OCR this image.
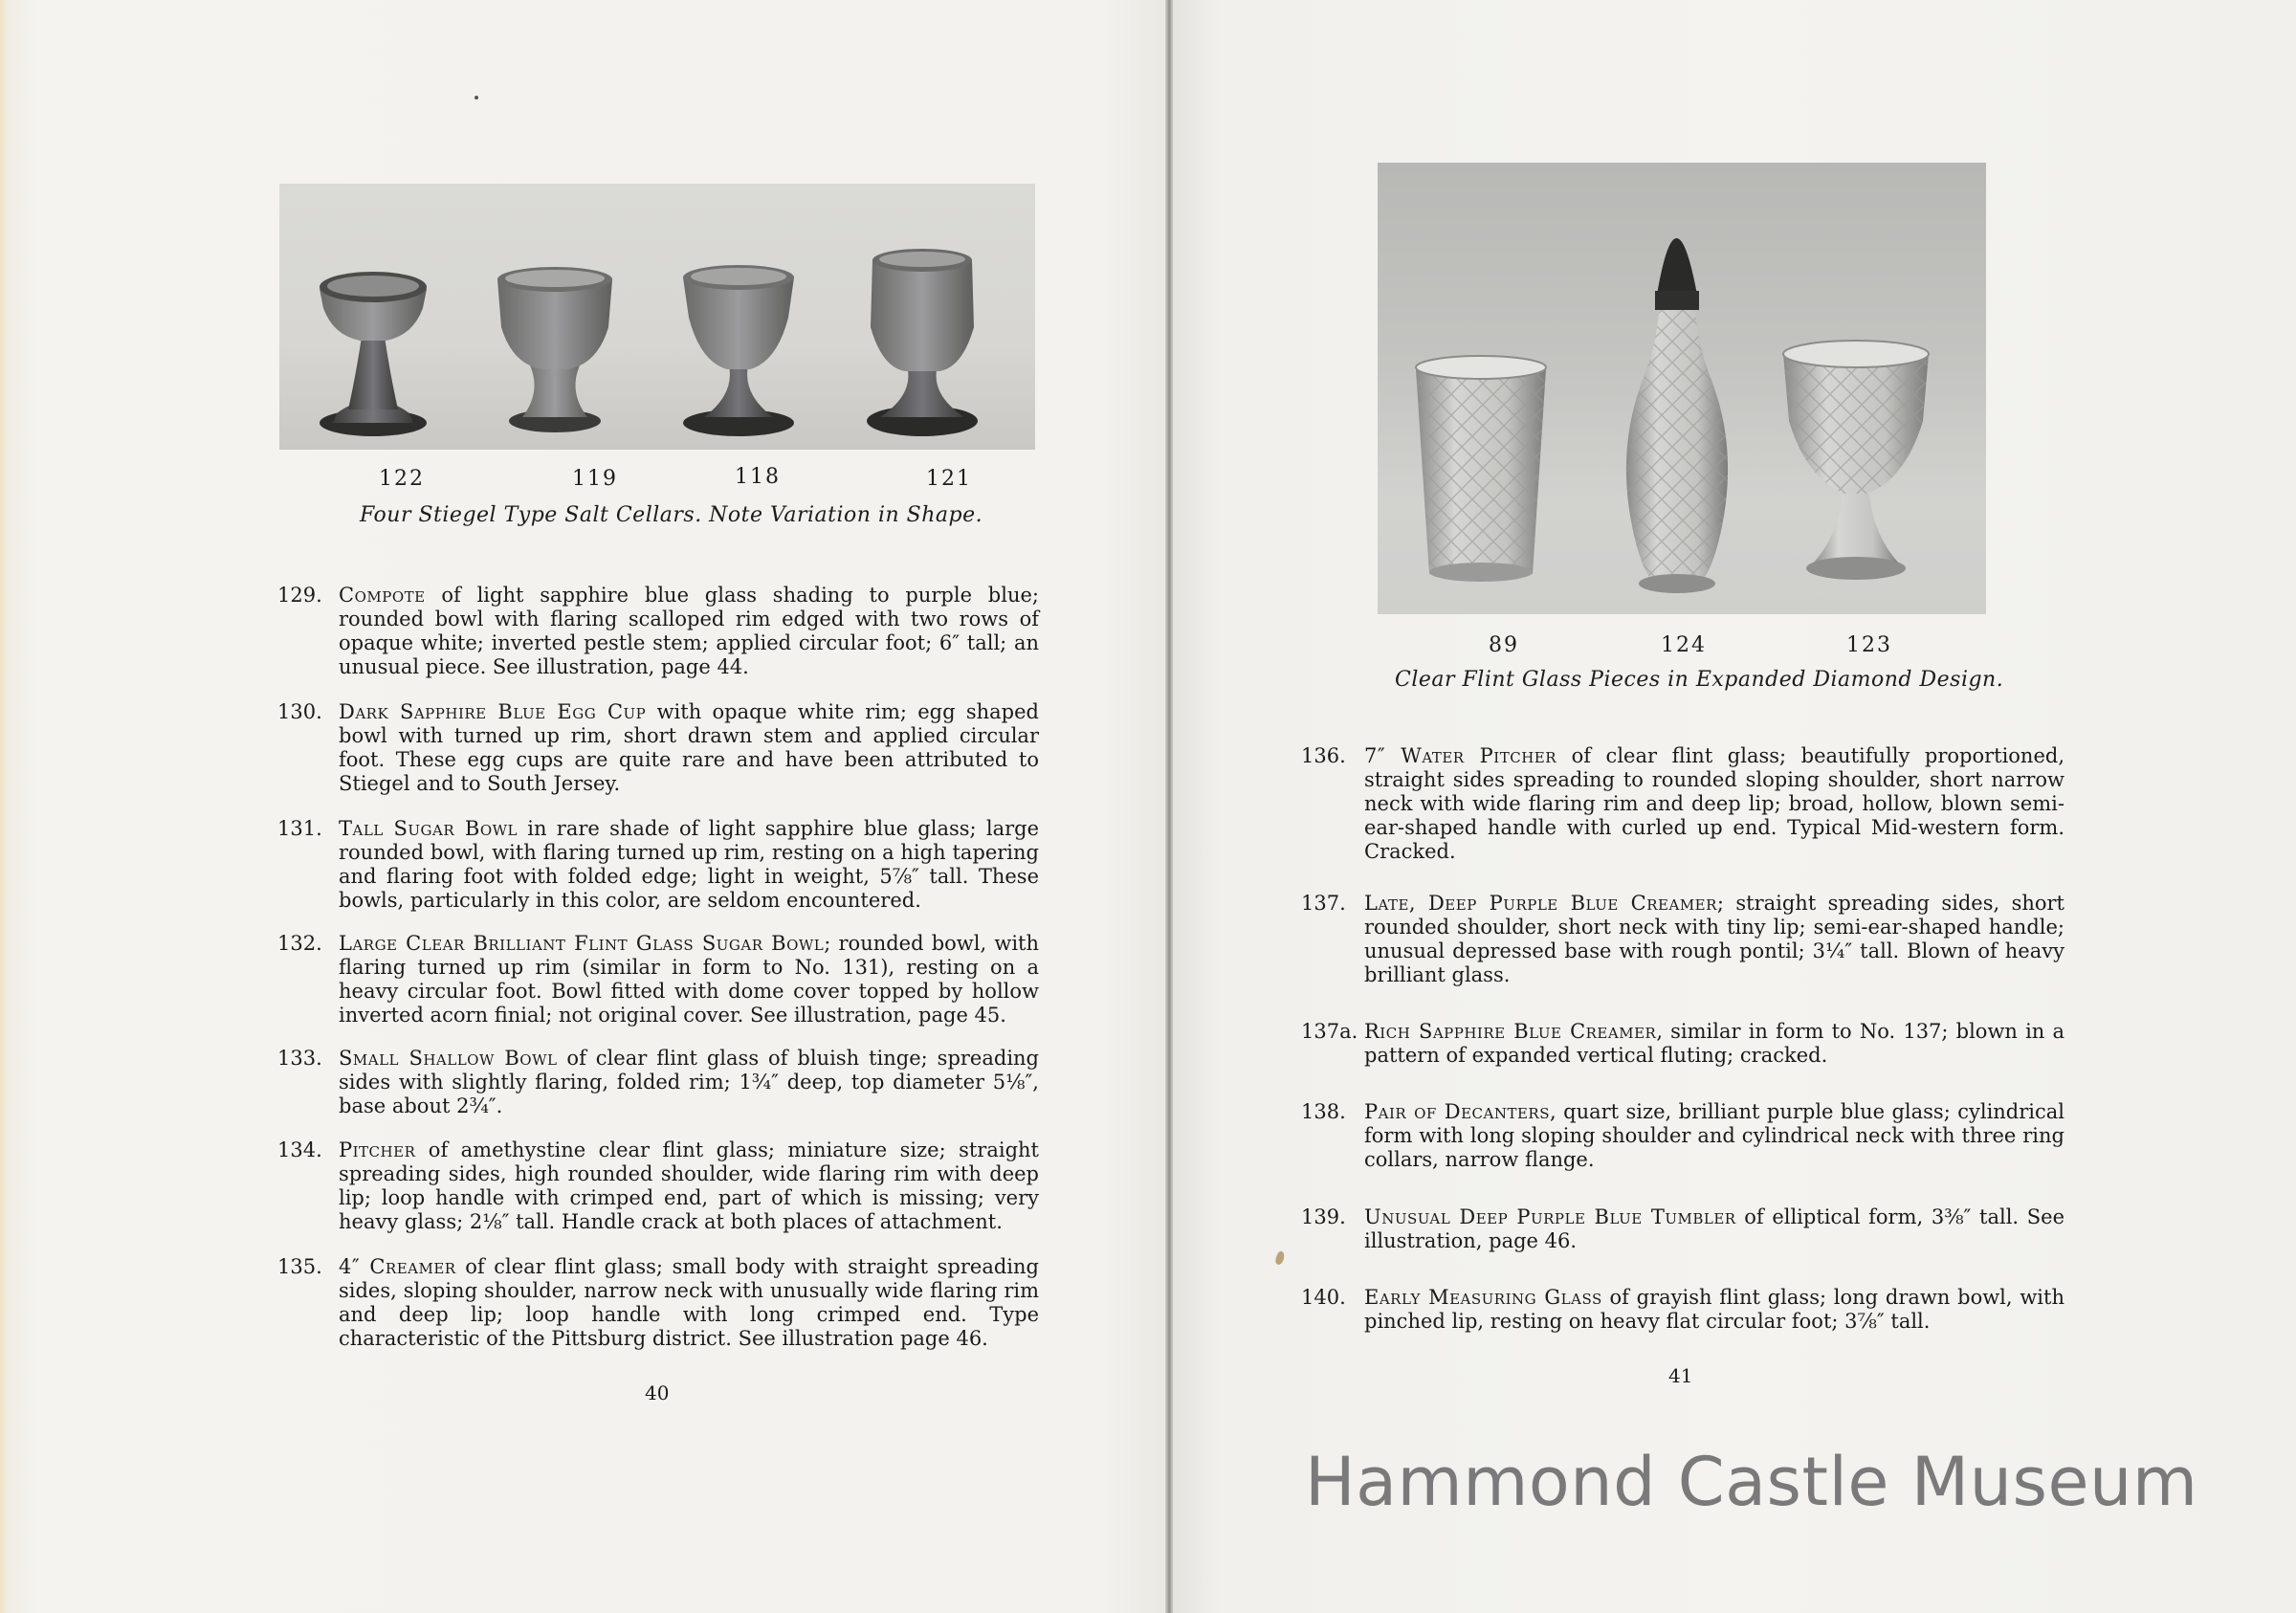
122	119	118	121
Four Stiegel Type Salt Cellars. Note Variation in Shape.
129. Compote of light sapphire blue glass shading to purple blue; rounded bowl with flaring scalloped rim edged with two rows of opaque white; inverted pestle stem; applied circular foot; 6″ tall; an unusual piece. See illustration, page 44.
130. Dark Sapphire Blue Egg Cup with opaque white rim; egg shaped bowl with turned up rim, short drawn stem and applied circular foot. These egg cups are quite rare and have been attributed to Stiegel and to South Jersey.
131. Tall Sugar Bowl in rare shade of light sapphire blue glass; large rounded bowl, with flaring turned up rim, resting on a high tapering and flaring foot with folded edge; light in weight, 5⅞″ tall. These bowls, particularly in this color, are seldom encountered.
132. Large Clear Brilliant Flint Glass Sugar Bowl; rounded bowl, with flaring turned up rim (similar in form to No. 131), resting on a heavy circular foot. Bowl fitted with dome cover topped by hollow inverted acorn finial; not original cover. See illustration, page 45.
133. Small Shallow Bowl of clear flint glass of bluish tinge; spreading sides with slightly flaring, folded rim; 1¾″ deep, top diameter 5⅛″, base about 2¾″.
134. Pitcher of amethystine clear flint glass; miniature size; straight spreading sides, high rounded shoulder, wide flaring rim with deep lip; loop handle with crimped end, part of which is missing; very heavy glass; 2⅛″ tall. Handle crack at both places of attachment.
135. 4″ Creamer of clear flint glass; small body with straight spreading sides, sloping shoulder, narrow neck with unusually wide flaring rim and deep lip; loop handle with long crimped end. Type characteristic of the Pittsburg district. See illustration page 46.
40
89	124	123
Clear Flint Glass Pieces in Expanded Diamond Design.
136. 7″ Water Pitcher of clear flint glass; beautifully proportioned, straight sides spreading to rounded sloping shoulder, short narrow neck with wide flaring rim and deep lip; broad, hollow, blown semi-ear-shaped handle with curled up end. Typical Mid-western form. Cracked.
137. Late, Deep Purple Blue Creamer; straight spreading sides, short rounded shoulder, short neck with tiny lip; semi-ear-shaped handle; unusual depressed base with rough pontil; 3¼″ tall. Blown of heavy brilliant glass.
137a. Rich Sapphire Blue Creamer, similar in form to No. 137; blown in a pattern of expanded vertical fluting; cracked.
138. Pair of Decanters, quart size, brilliant purple blue glass; cylindrical form with long sloping shoulder and cylindrical neck with three ring collars, narrow flange.
139. Unusual Deep Purple Blue Tumbler of elliptical form, 3⅜″ tall. See illustration, page 46.
140. Early Measuring Glass of grayish flint glass; long drawn bowl, with pinched lip, resting on heavy flat circular foot; 3⅞″ tall.
41
Hammond Castle Museum
